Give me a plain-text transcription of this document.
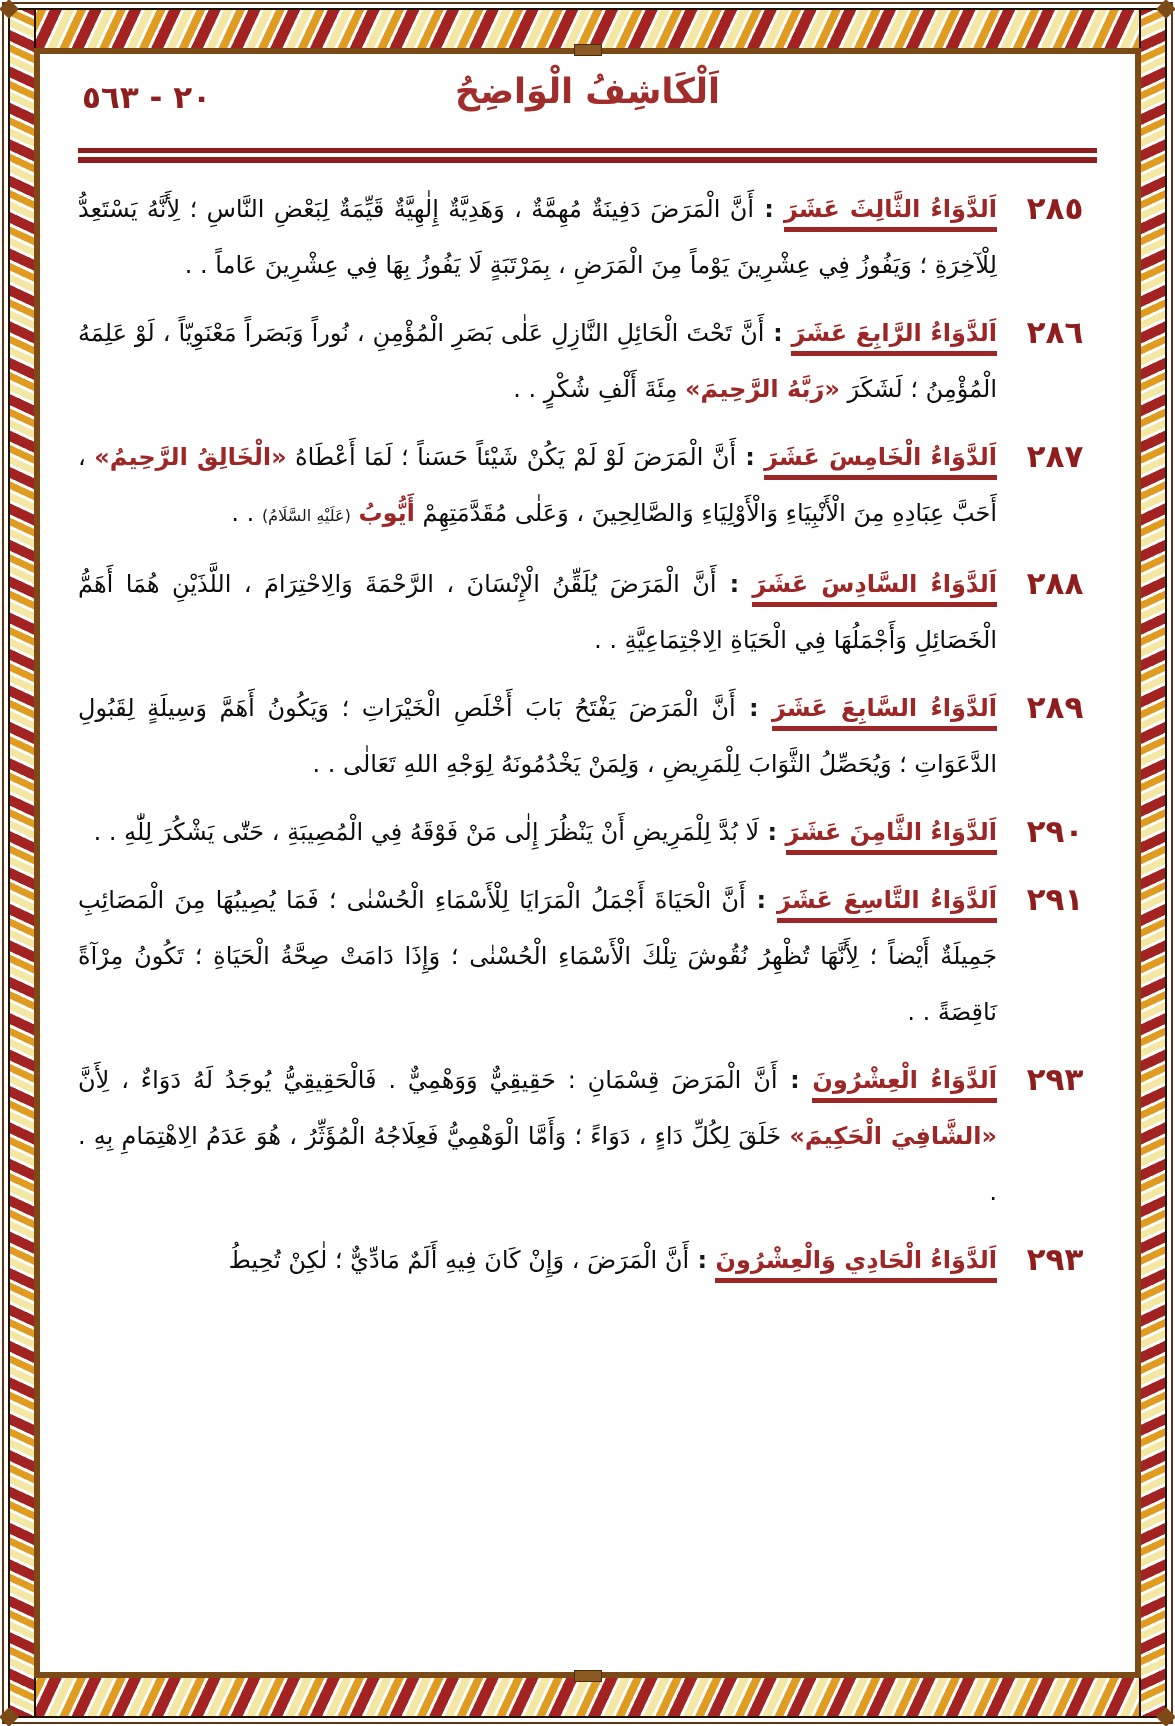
٢٠ - ٥٦٣	اَلْكَاشِفُ الْوَاضِحُ
٢٨٥

اَلدَّوَاءُ الثَّالِثَ عَشَرَ : أَنَّ الْمَرَضَ دَفِينَةٌ مُهِمَّةٌ ، وَهَدِيَّةٌ إِلٰهِيَّةٌ قَيِّمَةٌ لِبَعْضِ النَّاسِ ؛ لِأَنَّهُ يَسْتَعِدُّ لِلْآخِرَةِ ؛ وَيَفُوزُ فِي عِشْرِينَ يَوْماً مِنَ الْمَرَضِ ، بِمَرْتَبَةٍ لَا يَفُوزُ بِهَا فِي عِشْرِينَ عَاماً . .

٢٨٦

اَلدَّوَاءُ الرَّابِعَ عَشَرَ : أَنَّ تَحْتَ الْحَائِلِ النَّازِلِ عَلٰى بَصَرِ الْمُؤْمِنِ ، نُوراً وَبَصَراً مَعْنَوِيّاً ، لَوْ عَلِمَهُ الْمُؤْمِنُ ؛ لَشَكَرَ «رَبَّهُ الرَّحِيمَ» مِئَةَ أَلْفِ شُكْرٍ . .

٢٨٧

اَلدَّوَاءُ الْخَامِسَ عَشَرَ : أَنَّ الْمَرَضَ لَوْ لَمْ يَكُنْ شَيْئاً حَسَناً ؛ لَمَا أَعْطَاهُ «الْخَالِقُ الرَّحِيمُ» ، أَحَبَّ عِبَادِهِ مِنَ الْأَنْبِيَاءِ وَالْأَوْلِيَاءِ وَالصَّالِحِينَ ، وَعَلٰى مُقَدَّمَتِهِمْ أَيُّوبُ (عَلَيْهِ السَّلَامُ) . .

٢٨٨

اَلدَّوَاءُ السَّادِسَ عَشَرَ : أَنَّ الْمَرَضَ يُلَقِّنُ الْإِنْسَانَ ، الرَّحْمَةَ وَالِاحْتِرَامَ ، اللَّذَيْنِ هُمَا أَهَمُّ الْخَصَائِلِ وَأَجْمَلُهَا فِي الْحَيَاةِ الِاجْتِمَاعِيَّةِ . .

٢٨٩

اَلدَّوَاءُ السَّابِعَ عَشَرَ : أَنَّ الْمَرَضَ يَفْتَحُ بَابَ أَخْلَصِ الْخَيْرَاتِ ؛ وَيَكُونُ أَهَمَّ وَسِيلَةٍ لِقَبُولِ الدَّعَوَاتِ ؛ وَيُحَصِّلُ الثَّوَابَ لِلْمَرِيضِ ، وَلِمَنْ يَخْدُمُونَهُ لِوَجْهِ اللهِ تَعَالٰى . .

٢٩٠

اَلدَّوَاءُ الثَّامِنَ عَشَرَ : لَا بُدَّ لِلْمَرِيضِ أَنْ يَنْظُرَ إِلٰى مَنْ فَوْقَهُ فِي الْمُصِيبَةِ ، حَتّٰى يَشْكُرَ لِلّٰهِ . .

٢٩١

اَلدَّوَاءُ التَّاسِعَ عَشَرَ : أَنَّ الْحَيَاةَ أَجْمَلُ الْمَرَايَا لِلْأَسْمَاءِ الْحُسْنٰى ؛ فَمَا يُصِيبُهَا مِنَ الْمَصَائِبِ جَمِيلَةٌ أَيْضاً ؛ لِأَنَّهَا تُظْهِرُ نُقُوشَ تِلْكَ الْأَسْمَاءِ الْحُسْنٰى ؛ وَإِذَا دَامَتْ صِحَّةُ الْحَيَاةِ ؛ تَكُونُ مِرْآةً نَاقِصَةً . .

٢٩٣

اَلدَّوَاءُ الْعِشْرُونَ : أَنَّ الْمَرَضَ قِسْمَانِ : حَقِيقِيٌّ وَوَهْمِيٌّ . فَالْحَقِيقِيُّ يُوجَدُ لَهُ دَوَاءٌ ، لِأَنَّ «الشَّافِيَ الْحَكِيمَ» خَلَقَ لِكُلِّ دَاءٍ ، دَوَاءً ؛ وَأَمَّا الْوَهْمِيُّ فَعِلَاجُهُ الْمُؤَثِّرُ ، هُوَ عَدَمُ الِاهْتِمَامِ بِهِ . .

٢٩٣

اَلدَّوَاءُ الْحَادِي وَالْعِشْرُونَ : أَنَّ الْمَرَضَ ، وَإِنْ كَانَ فِيهِ أَلَمٌ مَادِّيٌّ ؛ لٰكِنْ تُحِيطُ
